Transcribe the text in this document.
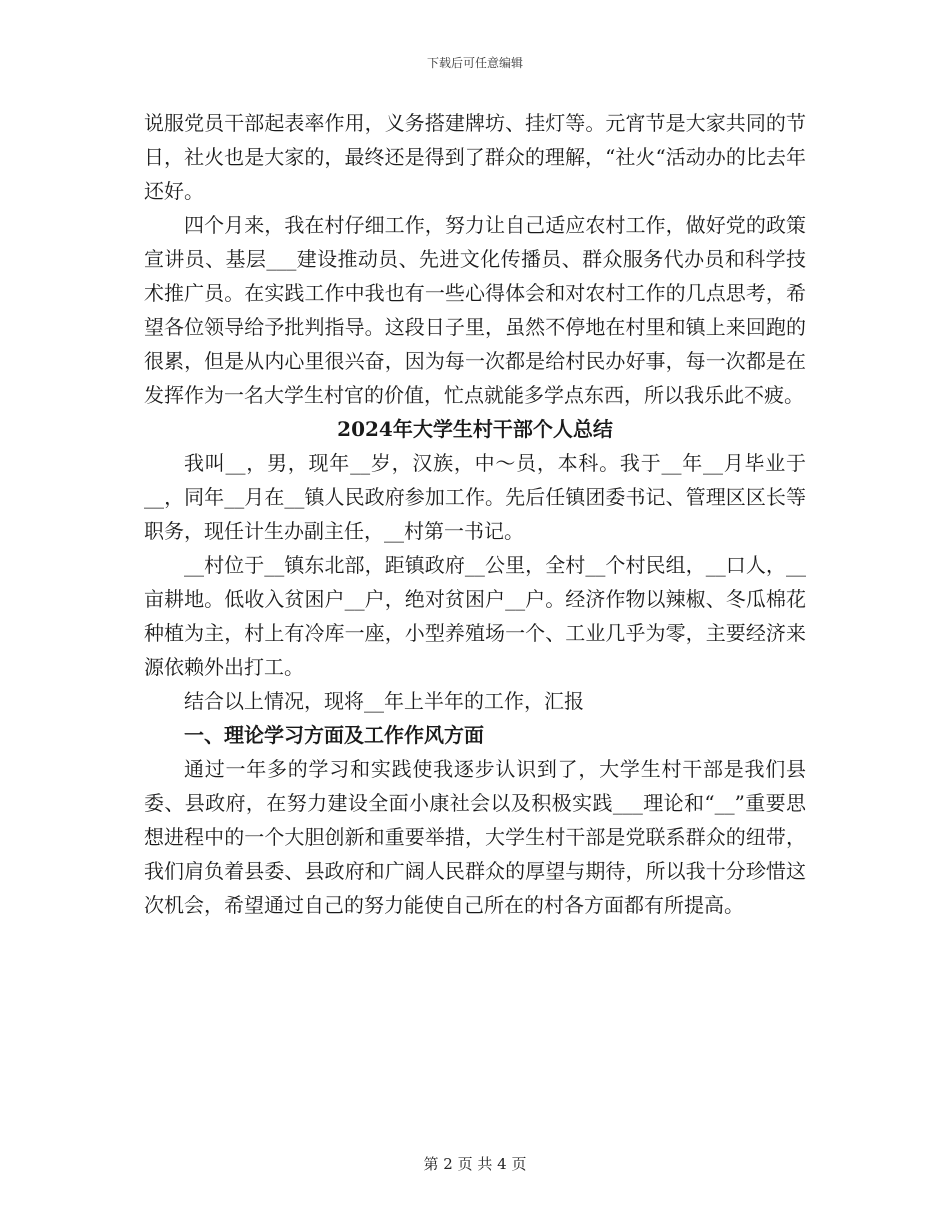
下载后可任意编辑

说服党员干部起表率作用，义务搭建牌坊、挂灯等。元宵节是大家共同的节日，社火也是大家的，最终还是得到了群众的理解，“社火“活动办的比去年还好。

四个月来，我在村仔细工作，努力让自己适应农村工作，做好党的政策宣讲员、基层___建设推动员、先进文化传播员、群众服务代办员和科学技术推广员。在实践工作中我也有一些心得体会和对农村工作的几点思考，希望各位领导给予批判指导。这段日子里，虽然不停地在村里和镇上来回跑的很累，但是从内心里很兴奋，因为每一次都是给村民办好事，每一次都是在发挥作为一名大学生村官的价值，忙点就能多学点东西，所以我乐此不疲。

2024年大学生村干部个人总结

我叫__，男，现年__岁，汉族，中～员，本科。我于__年__月毕业于__，同年__月在__镇人民政府参加工作。先后任镇团委书记、管理区区长等职务，现任计生办副主任，__村第一书记。

__村位于__镇东北部，距镇政府__公里，全村__个村民组，__口人，__亩耕地。低收入贫困户__户，绝对贫困户__户。经济作物以辣椒、冬瓜棉花种植为主，村上有冷库一座，小型养殖场一个、工业几乎为零，主要经济来源依赖外出打工。

结合以上情况，现将__年上半年的工作，汇报

一、理论学习方面及工作作风方面

通过一年多的学习和实践使我逐步认识到了，大学生村干部是我们县委、县政府，在努力建设全面小康社会以及积极实践___理论和“__”重要思想进程中的一个大胆创新和重要举措，大学生村干部是党联系群众的纽带，我们肩负着县委、县政府和广阔人民群众的厚望与期待，所以我十分珍惜这次机会，希望通过自己的努力能使自己所在的村各方面都有所提高。

第 2 页 共 4 页
